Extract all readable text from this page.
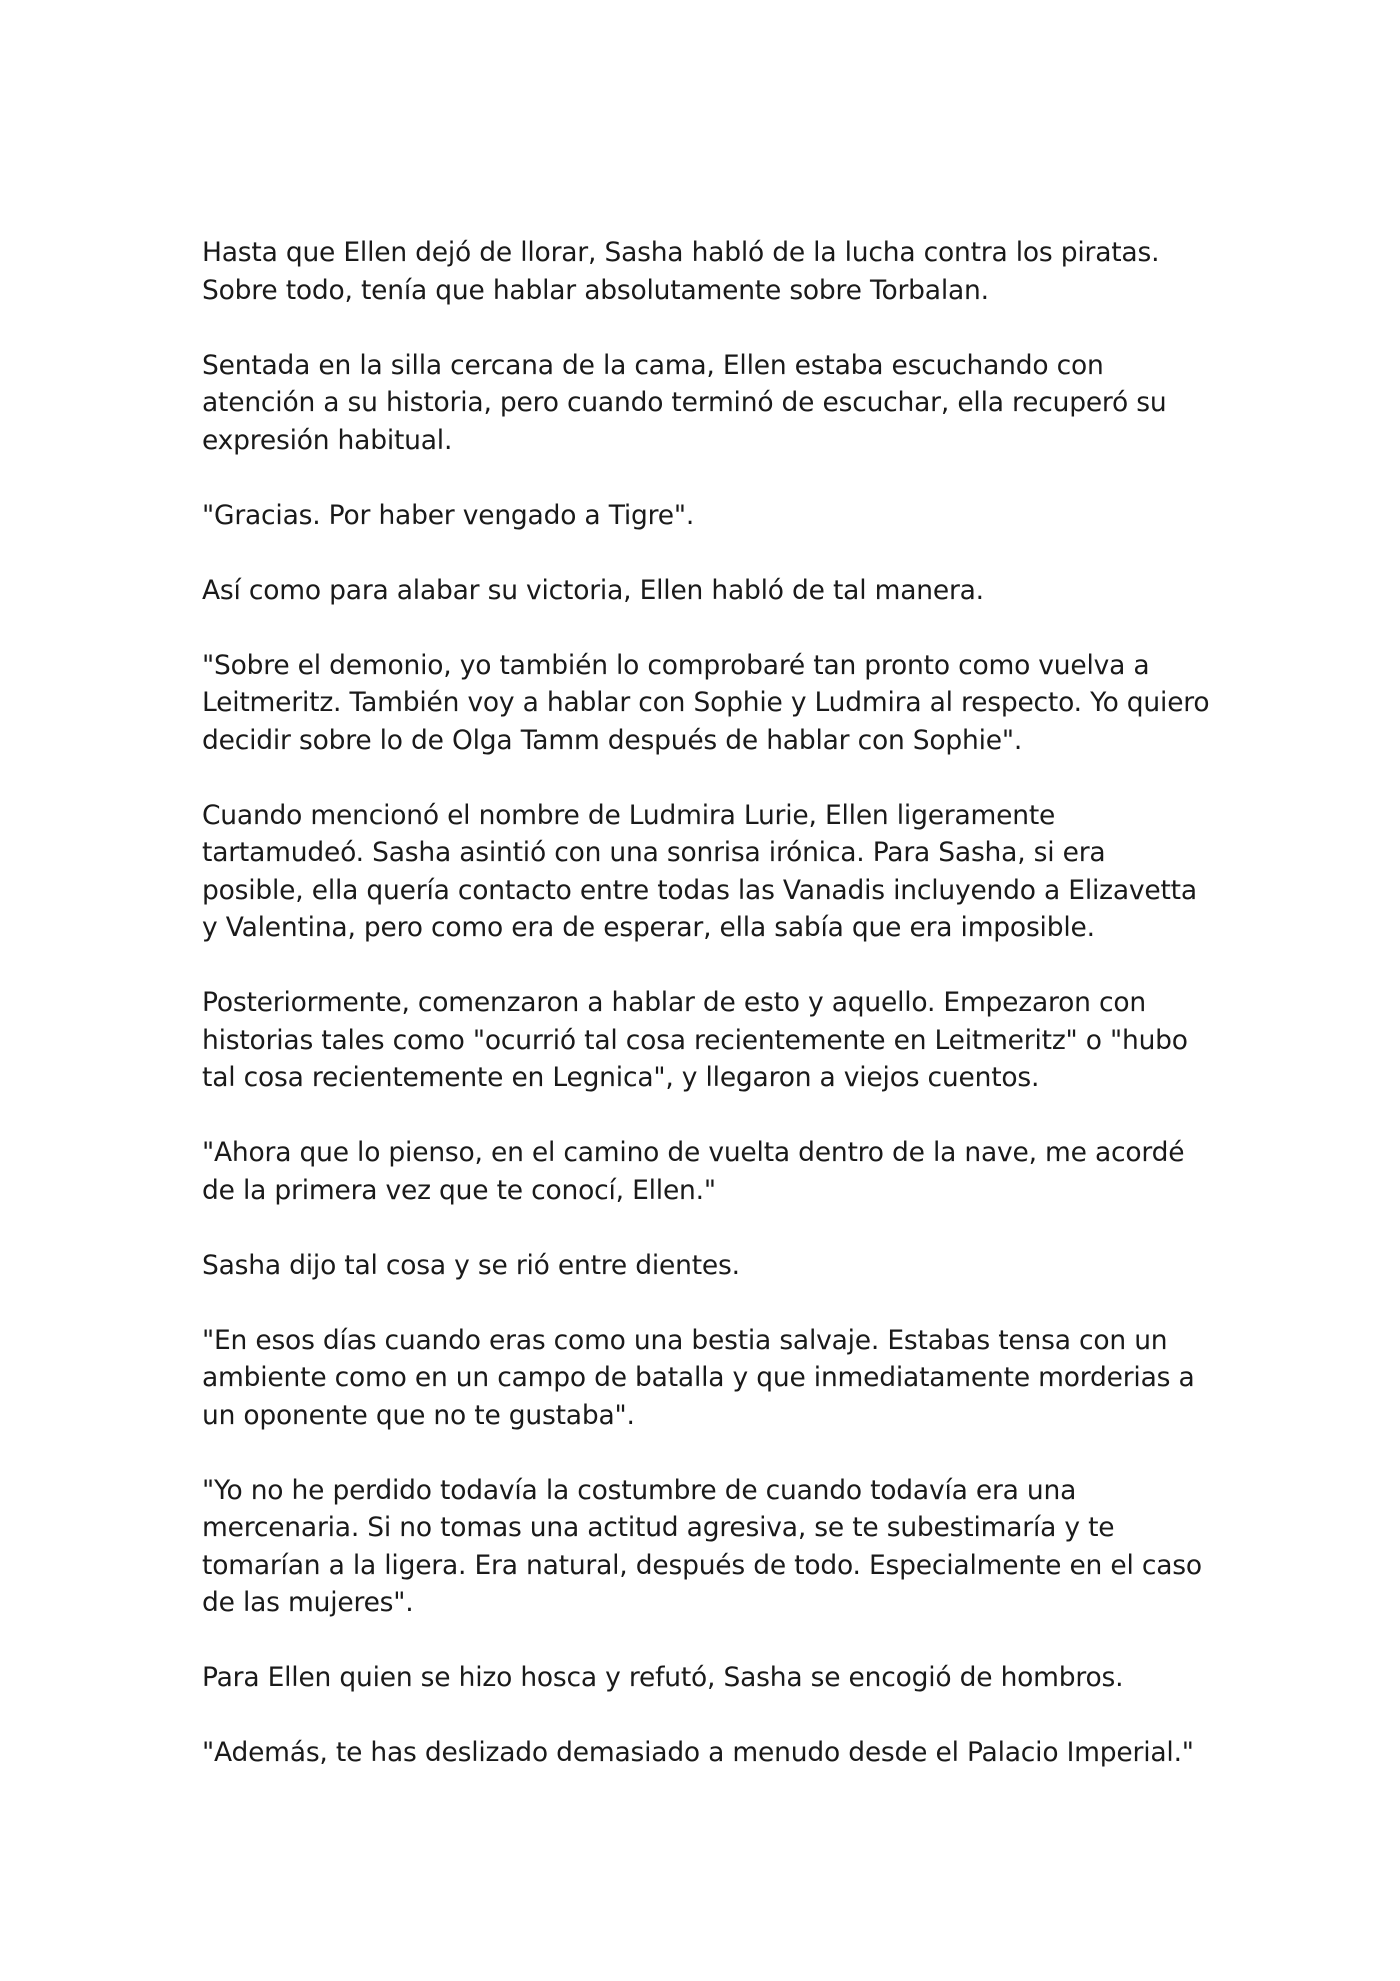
Hasta que Ellen dejó de llorar, Sasha habló de la lucha contra los piratas. Sobre todo, tenía que hablar absolutamente sobre Torbalan.

Sentada en la silla cercana de la cama, Ellen estaba escuchando con atención a su historia, pero cuando terminó de escuchar, ella recuperó su expresión habitual.

"Gracias. Por haber vengado a Tigre".

Así como para alabar su victoria, Ellen habló de tal manera.

"Sobre el demonio, yo también lo comprobaré tan pronto como vuelva a Leitmeritz. También voy a hablar con Sophie y Ludmira al respecto. Yo quiero decidir sobre lo de Olga Tamm después de hablar con Sophie".

Cuando mencionó el nombre de Ludmira Lurie, Ellen ligeramente tartamudeó. Sasha asintió con una sonrisa irónica. Para Sasha, si era posible, ella quería contacto entre todas las Vanadis incluyendo a Elizavetta y Valentina, pero como era de esperar, ella sabía que era imposible.

Posteriormente, comenzaron a hablar de esto y aquello. Empezaron con historias tales como "ocurrió tal cosa recientemente en Leitmeritz" o "hubo tal cosa recientemente en Legnica", y llegaron a viejos cuentos.

"Ahora que lo pienso, en el camino de vuelta dentro de la nave, me acordé de la primera vez que te conocí, Ellen."

Sasha dijo tal cosa y se rió entre dientes.

"En esos días cuando eras como una bestia salvaje. Estabas tensa con un ambiente como en un campo de batalla y que inmediatamente morderias a un oponente que no te gustaba".

"Yo no he perdido todavía la costumbre de cuando todavía era una mercenaria. Si no tomas una actitud agresiva, se te subestimaría y te tomarían a la ligera. Era natural, después de todo. Especialmente en el caso de las mujeres".

Para Ellen quien se hizo hosca y refutó, Sasha se encogió de hombros.

"Además, te has deslizado demasiado a menudo desde el Palacio Imperial."
